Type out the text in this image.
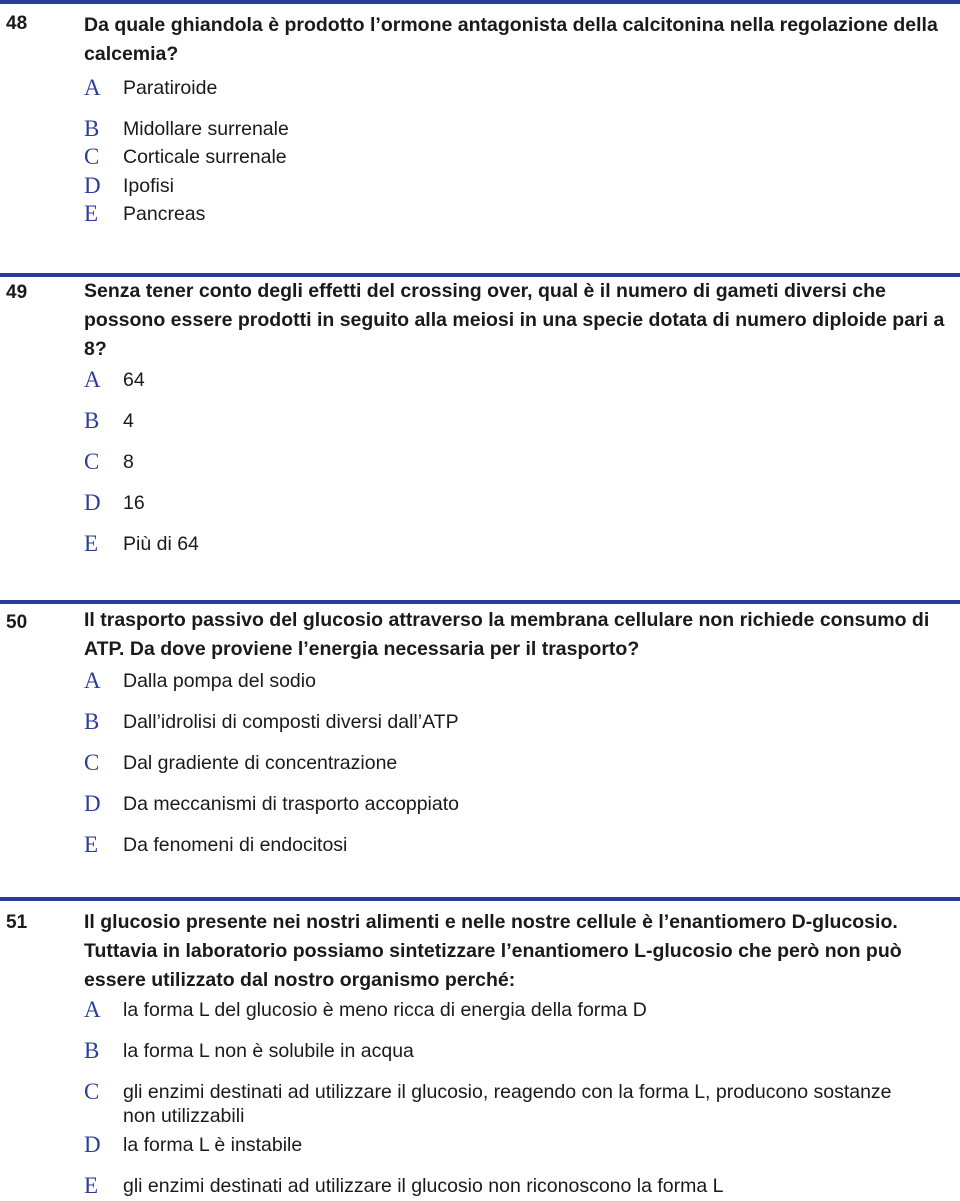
48	Da quale ghiandola è prodotto l’ormone antagonista della calcitonina nella regolazione della calcemia?
A Paratiroide
B Midollare surrenale
C Corticale surrenale
D Ipofisi
E Pancreas
49	Senza tener conto degli effetti del crossing over, qual è il numero di gameti diversi che possono essere prodotti in seguito alla meiosi in una specie dotata di numero diploide pari a 8?
A 64
B 4
C 8
D 16
E Più di 64
50	Il trasporto passivo del glucosio attraverso la membrana cellulare non richiede consumo di ATP. Da dove proviene l’energia necessaria per il trasporto?
A Dalla pompa del sodio
B Dall’idrolisi di composti diversi dall’ATP
C Dal gradiente di concentrazione
D Da meccanismi di trasporto accoppiato
E Da fenomeni di endocitosi
51	Il glucosio presente nei nostri alimenti e nelle nostre cellule è l’enantiomero D-glucosio. Tuttavia in laboratorio possiamo sintetizzare l’enantiomero L-glucosio che però non può essere utilizzato dal nostro organismo perché:
A la forma L del glucosio è meno ricca di energia della forma D
B la forma L non è solubile in acqua
C gli enzimi destinati ad utilizzare il glucosio, reagendo con la forma L, producono sostanze non utilizzabili
D la forma L è instabile
E gli enzimi destinati ad utilizzare il glucosio non riconoscono la forma L
